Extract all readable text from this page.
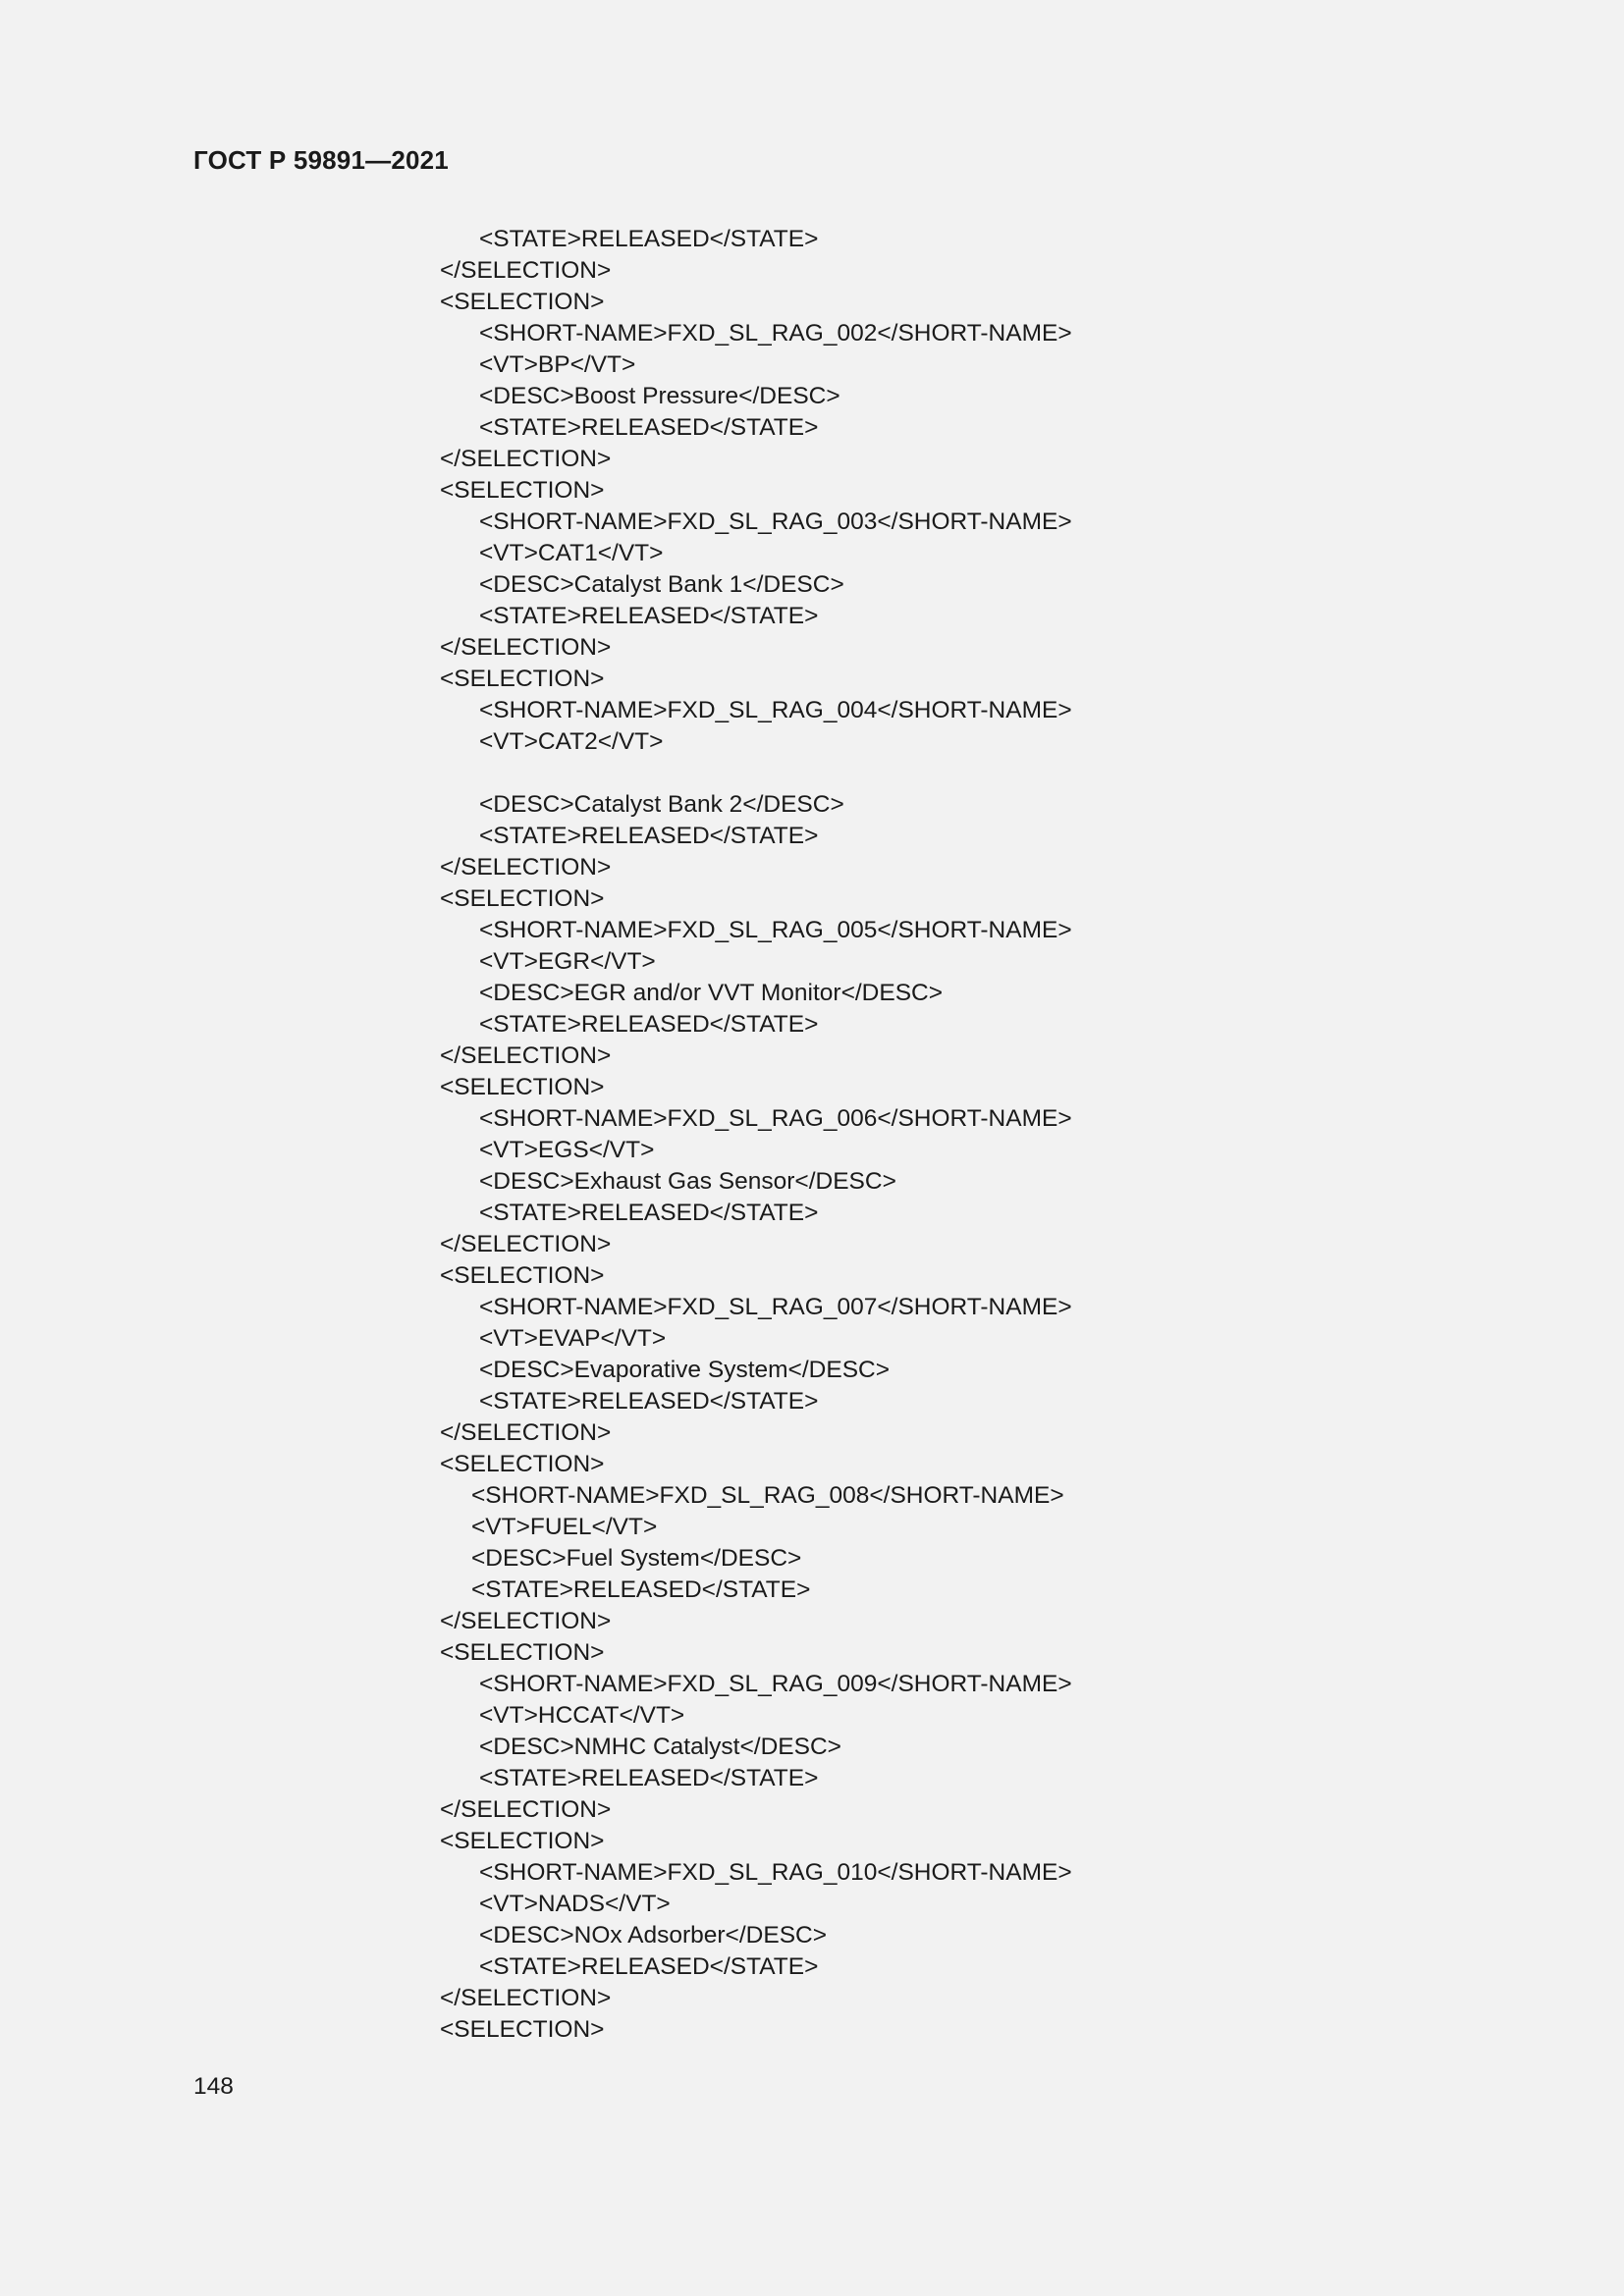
ГОСТ Р 59891—2021
<STATE>RELEASED</STATE>
</SELECTION>
<SELECTION>
<SHORT-NAME>FXD_SL_RAG_002</SHORT-NAME>
<VT>BP</VT>
<DESC>Boost Pressure</DESC>
<STATE>RELEASED</STATE>
</SELECTION>
<SELECTION>
<SHORT-NAME>FXD_SL_RAG_003</SHORT-NAME>
<VT>CAT1</VT>
<DESC>Catalyst Bank 1</DESC>
<STATE>RELEASED</STATE>
</SELECTION>
<SELECTION>
<SHORT-NAME>FXD_SL_RAG_004</SHORT-NAME>
<VT>CAT2</VT>
<DESC>Catalyst Bank 2</DESC>
<STATE>RELEASED</STATE>
</SELECTION>
<SELECTION>
<SHORT-NAME>FXD_SL_RAG_005</SHORT-NAME>
<VT>EGR</VT>
<DESC>EGR and/or VVT Monitor</DESC>
<STATE>RELEASED</STATE>
</SELECTION>
<SELECTION>
<SHORT-NAME>FXD_SL_RAG_006</SHORT-NAME>
<VT>EGS</VT>
<DESC>Exhaust Gas Sensor</DESC>
<STATE>RELEASED</STATE>
</SELECTION>
<SELECTION>
<SHORT-NAME>FXD_SL_RAG_007</SHORT-NAME>
<VT>EVAP</VT>
<DESC>Evaporative System</DESC>
<STATE>RELEASED</STATE>
</SELECTION>
<SELECTION>
<SHORT-NAME>FXD_SL_RAG_008</SHORT-NAME>
<VT>FUEL</VT>
<DESC>Fuel System</DESC>
<STATE>RELEASED</STATE>
</SELECTION>
<SELECTION>
<SHORT-NAME>FXD_SL_RAG_009</SHORT-NAME>
<VT>HCCAT</VT>
<DESC>NMHC Catalyst</DESC>
<STATE>RELEASED</STATE>
</SELECTION>
<SELECTION>
<SHORT-NAME>FXD_SL_RAG_010</SHORT-NAME>
<VT>NADS</VT>
<DESC>NOx Adsorber</DESC>
<STATE>RELEASED</STATE>
</SELECTION>
<SELECTION>
148
